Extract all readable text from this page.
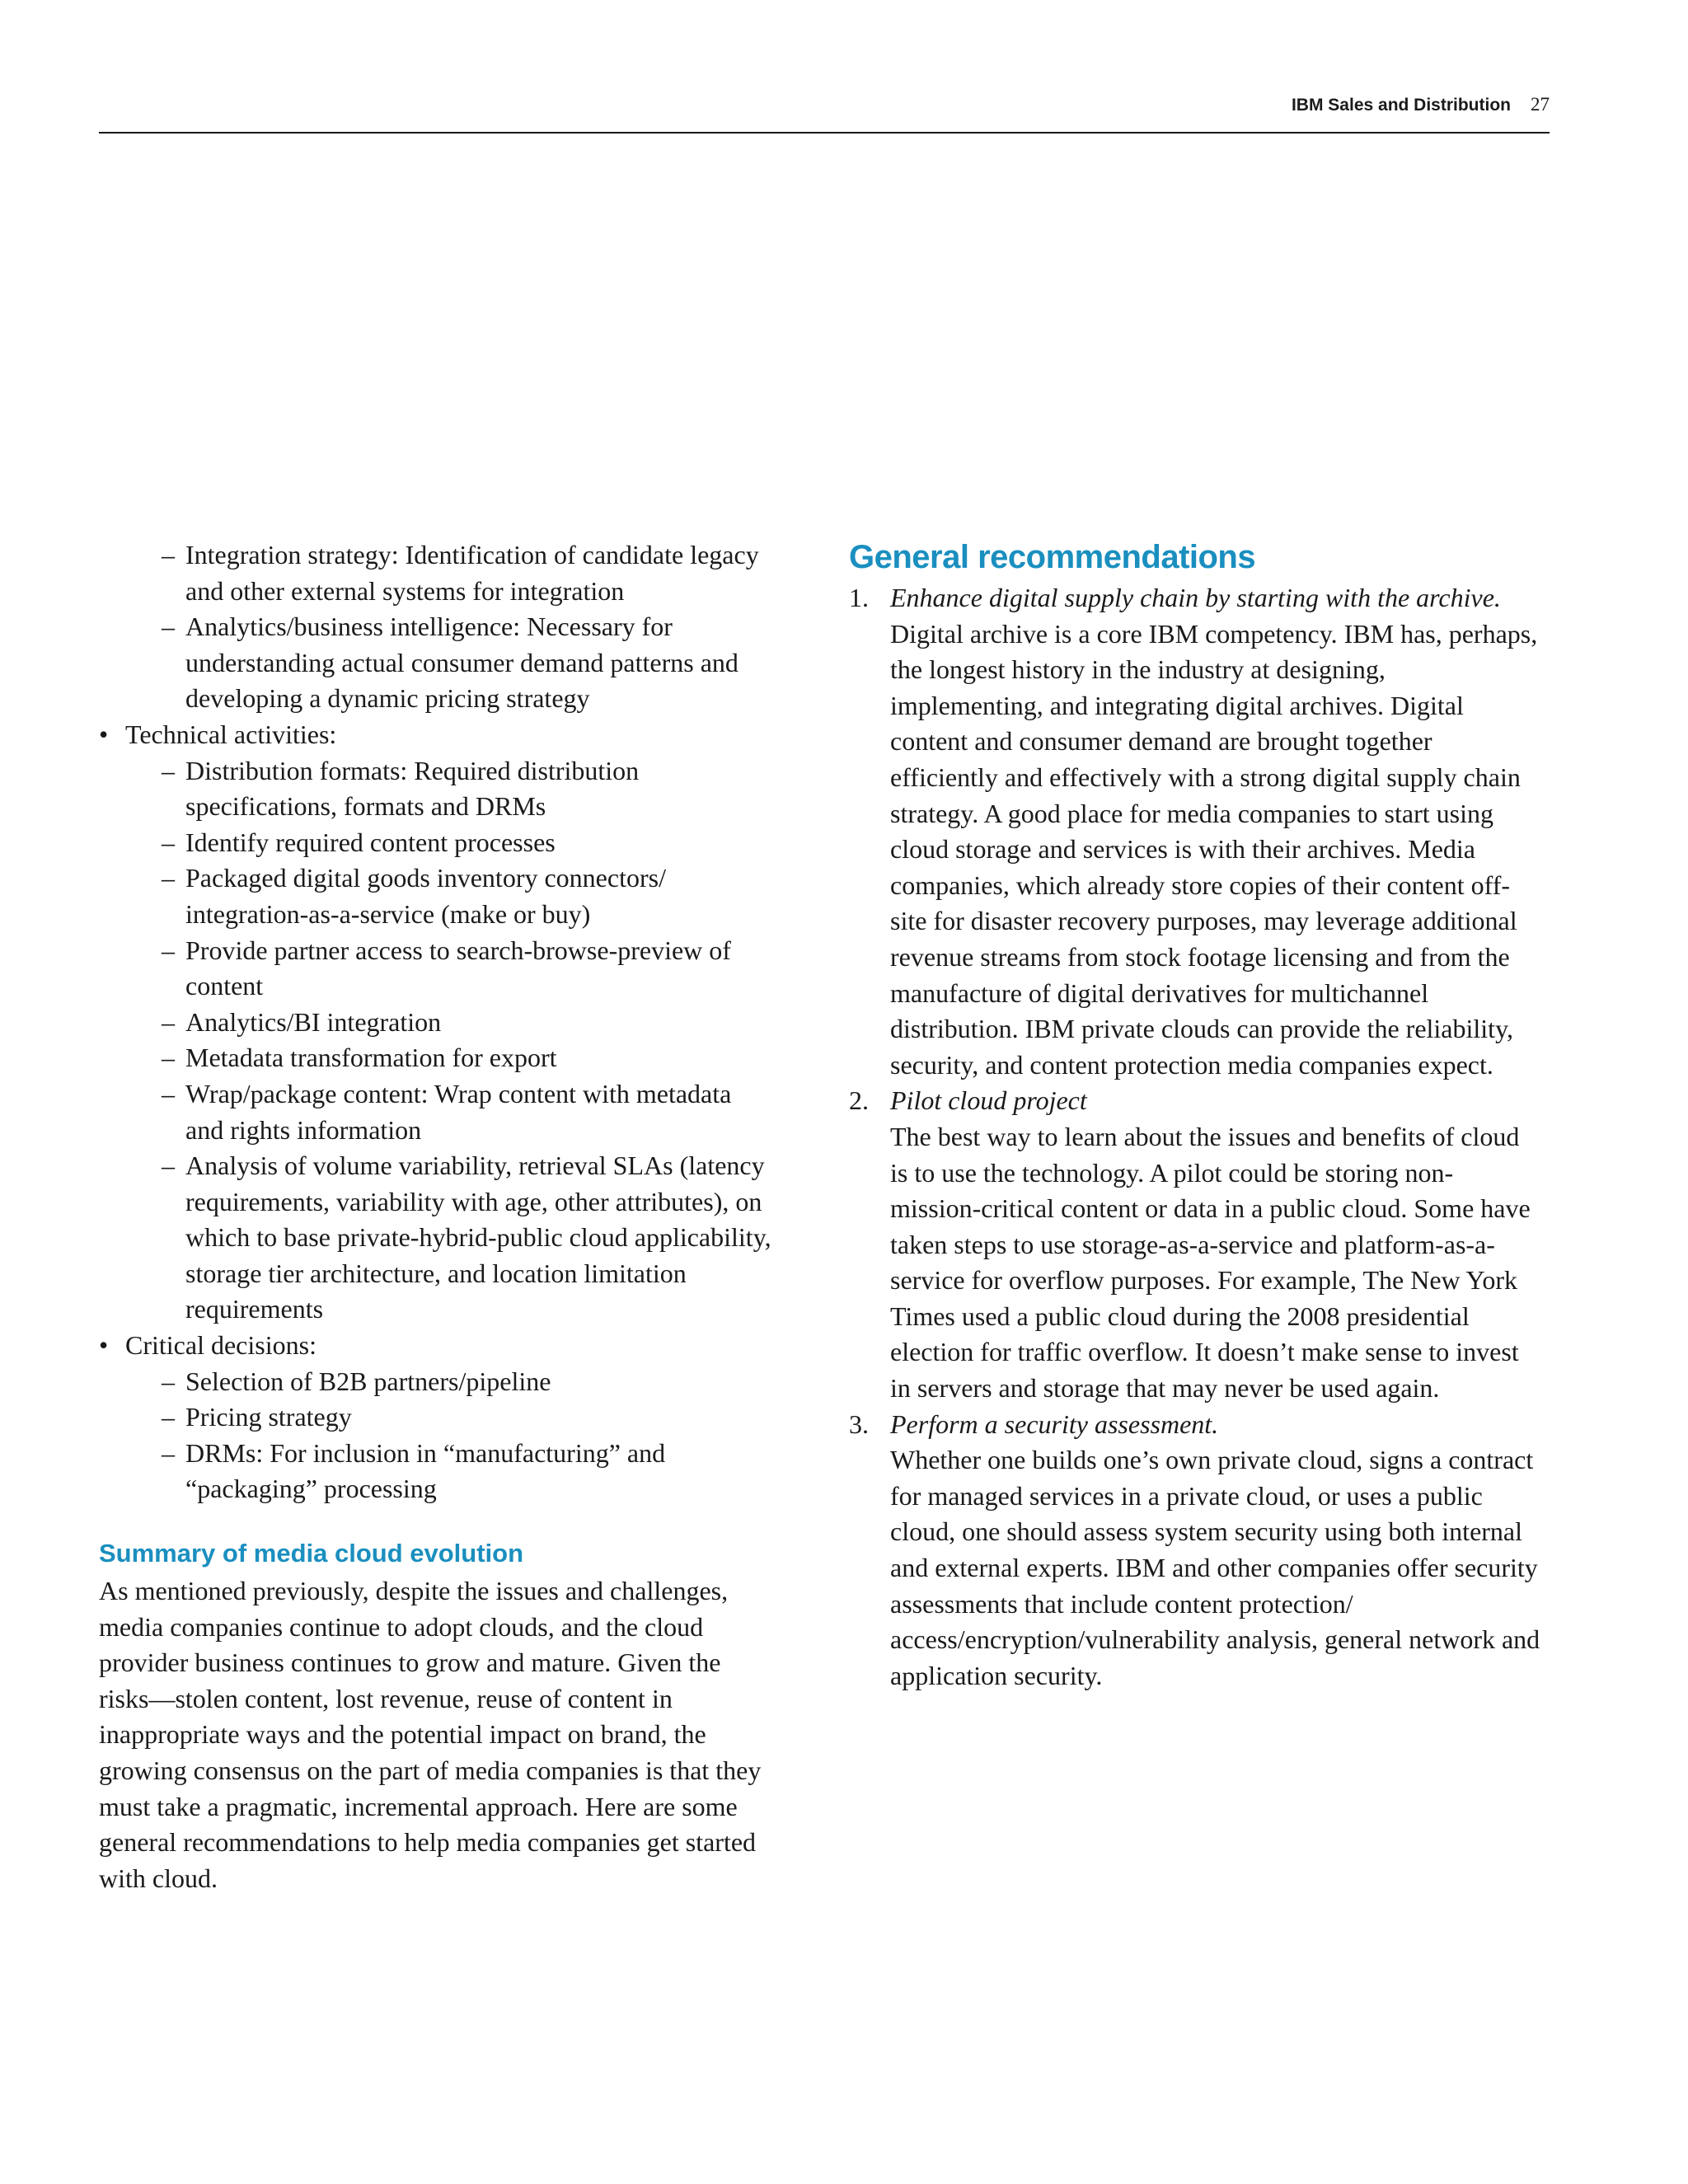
IBM Sales and Distribution 27

– Integration strategy: Identification of candidate legacy and other external systems for integration

– Analytics/business intelligence: Necessary for understanding actual consumer demand patterns and developing a dynamic pricing strategy

• Technical activities:

– Distribution formats: Required distribution specifications, formats and DRMs

– Identify required content processes

– Packaged digital goods inventory connectors/ integration-as-a-service (make or buy)

– Provide partner access to search-browse-preview of content

– Analytics/BI integration

– Metadata transformation for export

– Wrap/package content: Wrap content with metadata and rights information

– Analysis of volume variability, retrieval SLAs (latency requirements, variability with age, other attributes), on which to base private-hybrid-public cloud applicability, storage tier architecture, and location limitation requirements

• Critical decisions:

– Selection of B2B partners/pipeline

– Pricing strategy

– DRMs: For inclusion in “manufacturing” and “packaging” processing

Summary of media cloud evolution

As mentioned previously, despite the issues and challenges, media companies continue to adopt clouds, and the cloud provider business continues to grow and mature. Given the risks—stolen content, lost revenue, reuse of content in inappropriate ways and the potential impact on brand, the growing consensus on the part of media companies is that they must take a pragmatic, incremental approach. Here are some general recommendations to help media companies get started with cloud.

General recommendations
1. Enhance digital supply chain by starting with the archive.
Digital archive is a core IBM competency. IBM has, perhaps, the longest history in the industry at designing, implementing, and integrating digital archives. Digital content and consumer demand are brought together efficiently and effectively with a strong digital supply chain strategy. A good place for media companies to start using cloud storage and services is with their archives. Media companies, which already store copies of their content off-site for disaster recovery purposes, may leverage additional revenue streams from stock footage licensing and from the manufacture of digital derivatives for multichannel distribution. IBM private clouds can provide the reliability, security, and content protection media companies expect.
2. Pilot cloud project
The best way to learn about the issues and benefits of cloud is to use the technology. A pilot could be storing non-mission-critical content or data in a public cloud. Some have taken steps to use storage-as-a-service and platform-as-a-service for overflow purposes. For example, The New York Times used a public cloud during the 2008 presidential election for traffic overflow. It doesn’t make sense to invest in servers and storage that may never be used again.
3. Perform a security assessment.
Whether one builds one’s own private cloud, signs a contract for managed services in a private cloud, or uses a public cloud, one should assess system security using both internal and external experts. IBM and other companies offer security assessments that include content protection/ access/encryption/vulnerability analysis, general network and application security.
